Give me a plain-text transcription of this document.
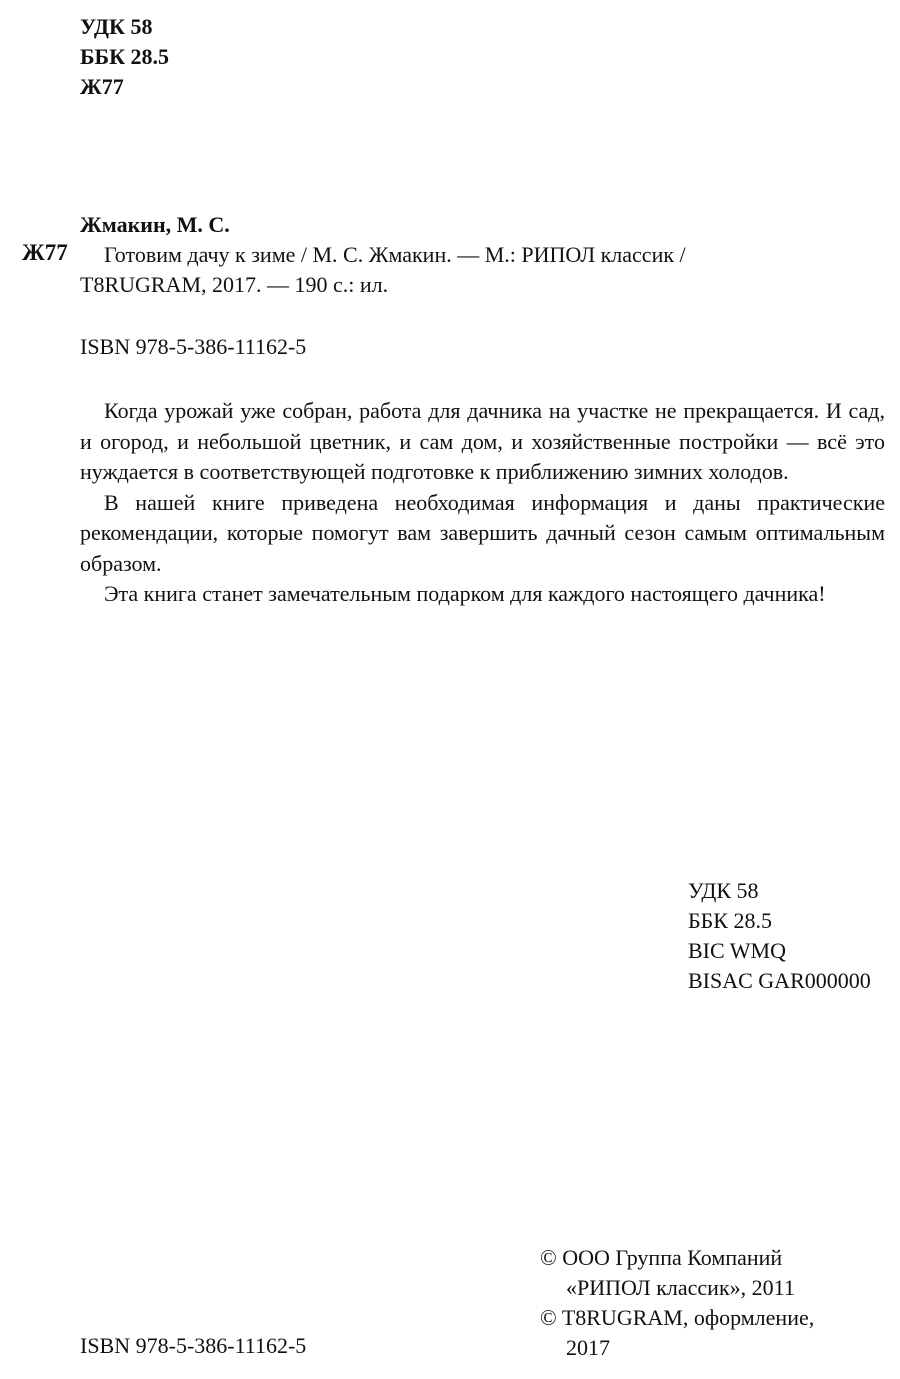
УДК 58
ББК 28.5
Ж77
Жмакин, М. С.
Ж77 Готовим дачу к зиме / М. С. Жмакин. — М.: РИПОЛ классик /
T8RUGRAM, 2017. — 190 с.: ил.
ISBN 978-5-386-11162-5

Когда урожай уже собран, работа для дачника на участке не прекращается. И сад, и огород, и небольшой цветник, и сам дом, и хозяйственные постройки — всё это нуждается в соответствующей подготовке к приближению зимних холодов.

В нашей книге приведена необходимая информация и даны практические рекомендации, которые помогут вам завершить дачный сезон самым оптимальным образом.

Эта книга станет замечательным подарком для каждого настоящего дачника!

УДК 58
ББК 28.5
BIC WMQ
BISAC GAR000000
© ООО Группа Компаний
«РИПОЛ классик», 2011
© T8RUGRAM, оформление,
2017
ISBN 978-5-386-11162-5
